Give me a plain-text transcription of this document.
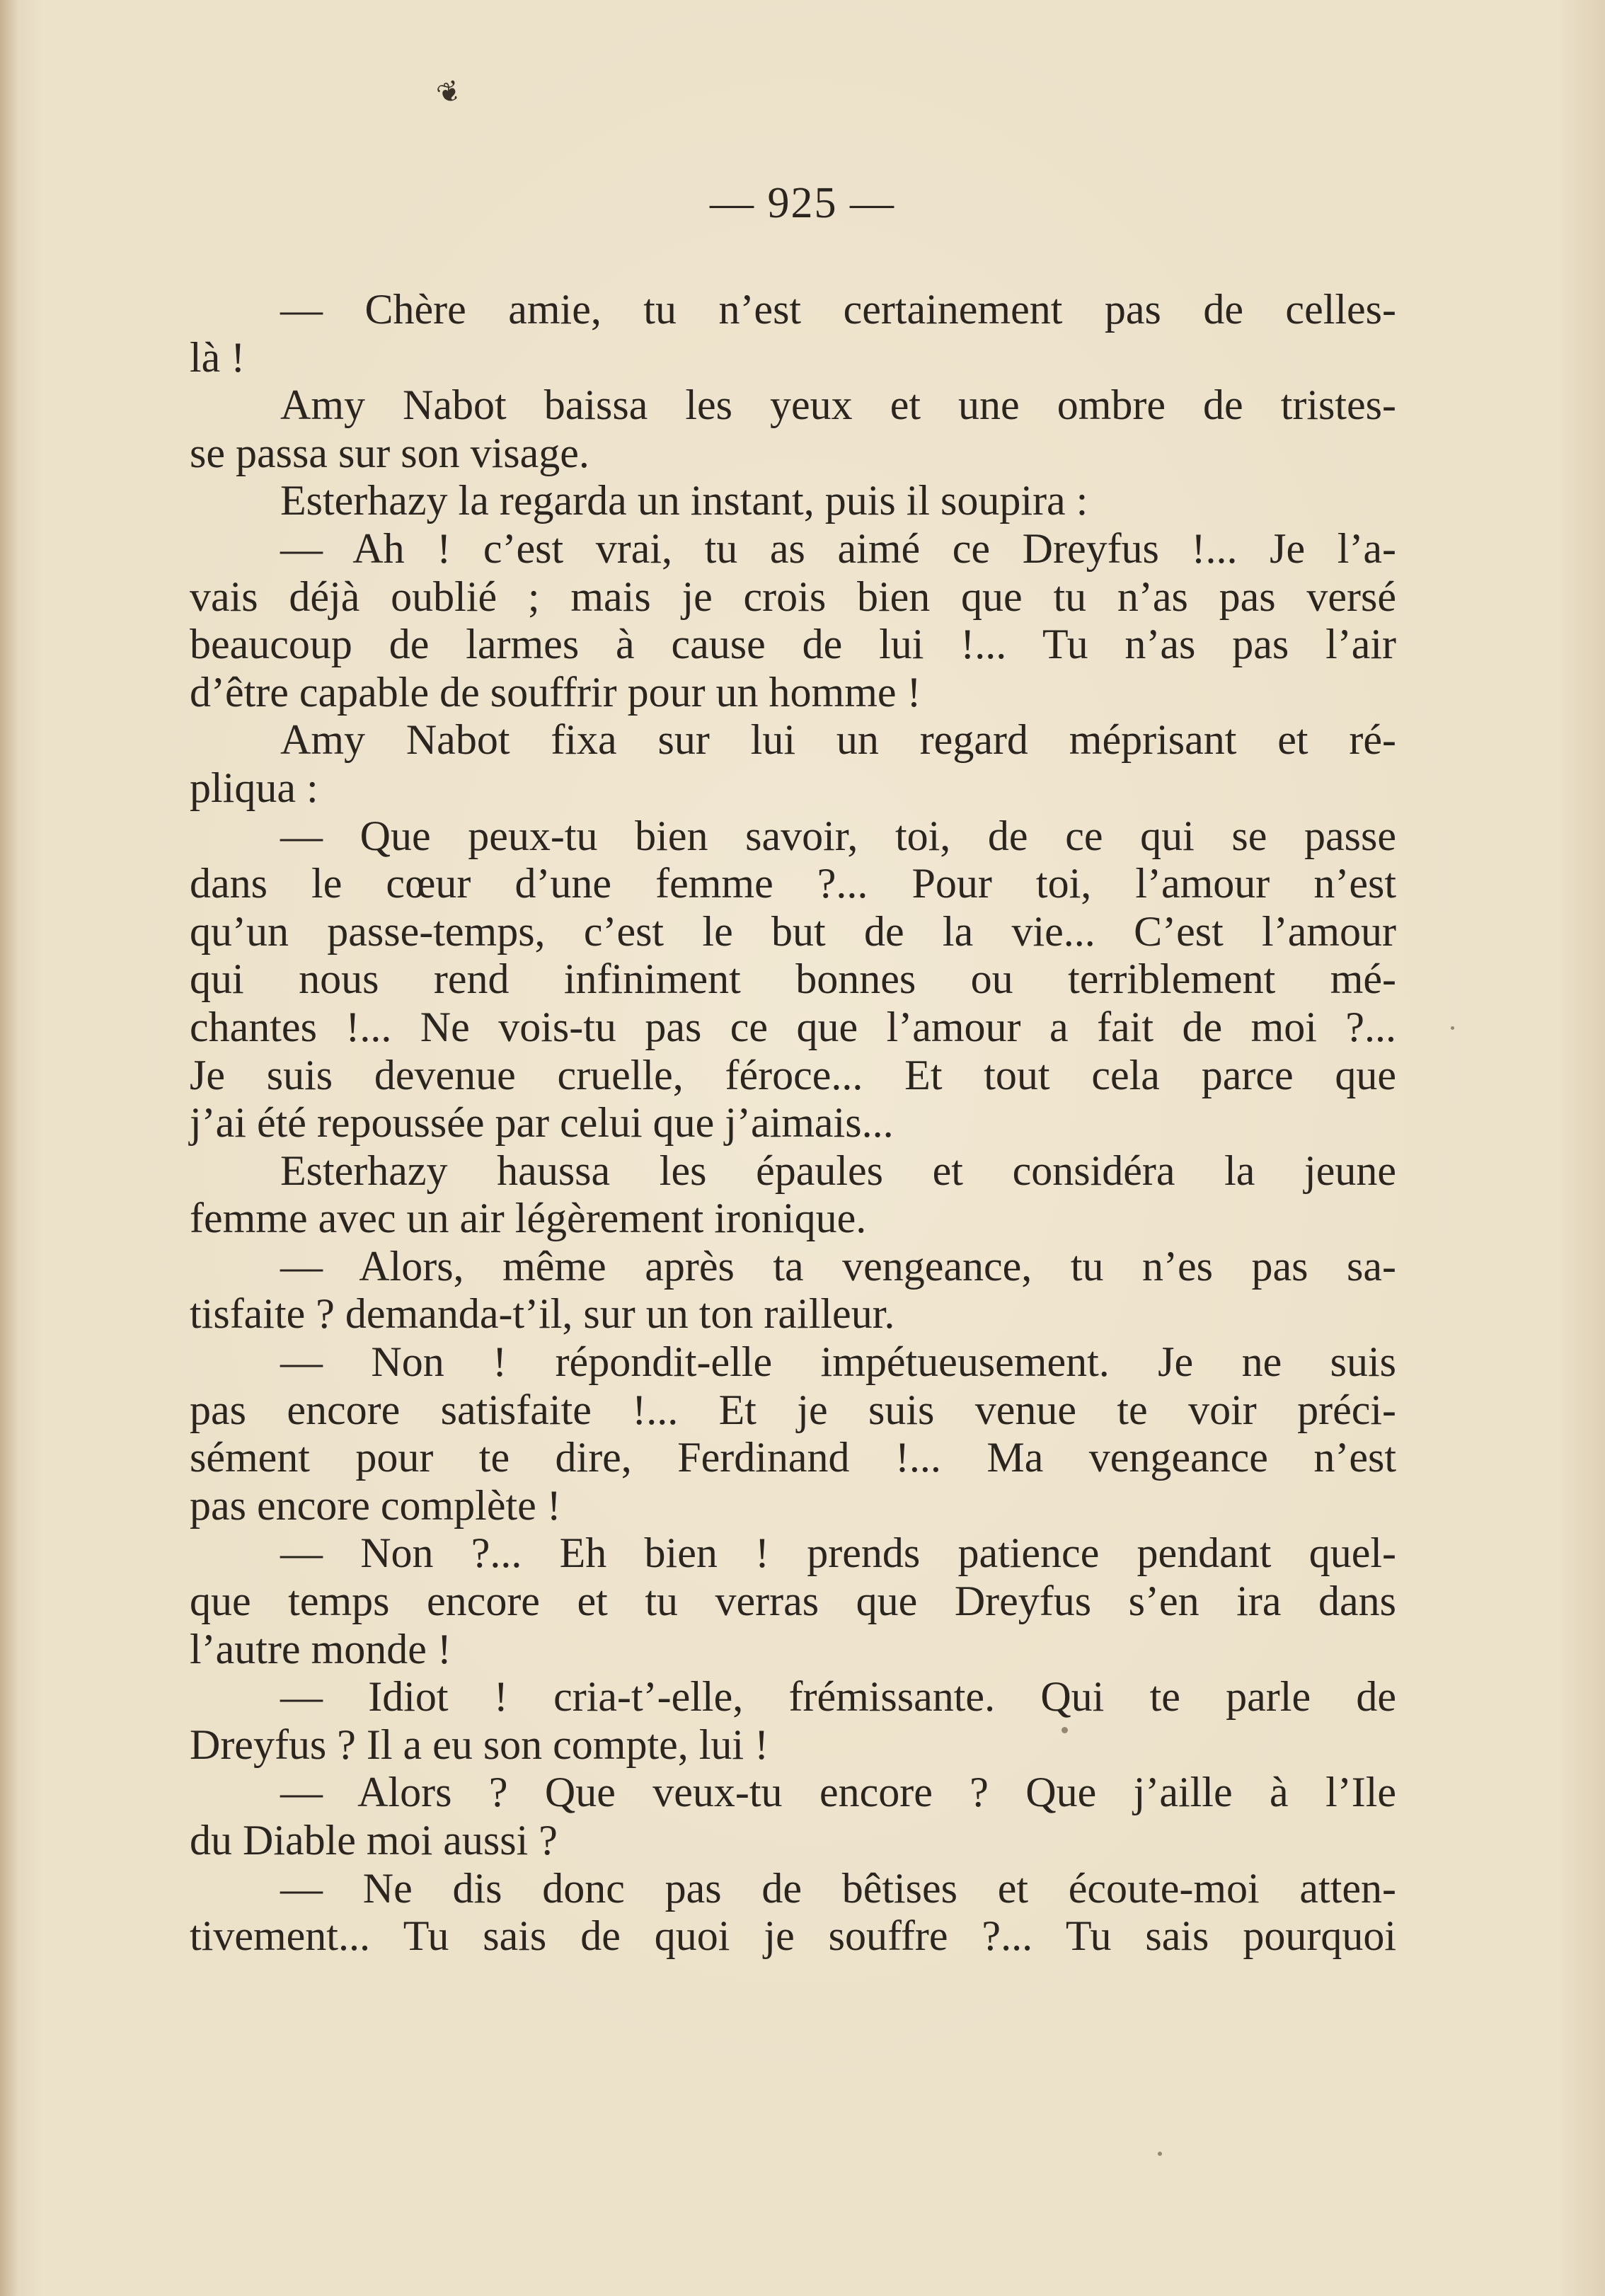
❦
— 925 —
— Chère amie, tu n’est certainement pas de celles-
là !
Amy Nabot baissa les yeux et une ombre de tristes-
se passa sur son visage.
Esterhazy la regarda un instant, puis il soupira :
— Ah ! c’est vrai, tu as aimé ce Dreyfus !... Je l’a-
vais déjà oublié ; mais je crois bien que tu n’as pas versé
beaucoup de larmes à cause de lui !... Tu n’as pas l’air
d’être capable de souffrir pour un homme !
Amy Nabot fixa sur lui un regard méprisant et ré-
pliqua :
— Que peux-tu bien savoir, toi, de ce qui se passe
dans le cœur d’une femme ?... Pour toi, l’amour n’est
qu’un passe-temps, c’est le but de la vie... C’est l’amour
qui nous rend infiniment bonnes ou terriblement mé-
chantes !... Ne vois-tu pas ce que l’amour a fait de moi ?...
Je suis devenue cruelle, féroce... Et tout cela parce que
j’ai été repoussée par celui que j’aimais...
Esterhazy haussa les épaules et considéra la jeune
femme avec un air légèrement ironique.
— Alors, même après ta vengeance, tu n’es pas sa-
tisfaite ? demanda-t’il, sur un ton railleur.
— Non ! répondit-elle impétueusement. Je ne suis
pas encore satisfaite !... Et je suis venue te voir préci-
sément pour te dire, Ferdinand !... Ma vengeance n’est
pas encore complète !
— Non ?... Eh bien ! prends patience pendant quel-
que temps encore et tu verras que Dreyfus s’en ira dans
l’autre monde !
— Idiot ! cria-t’-elle, frémissante. Qui te parle de
Dreyfus ? Il a eu son compte, lui !
— Alors ? Que veux-tu encore ? Que j’aille à l’Ile
du Diable moi aussi ?
— Ne dis donc pas de bêtises et écoute-moi atten-
tivement... Tu sais de quoi je souffre ?... Tu sais pourquoi
